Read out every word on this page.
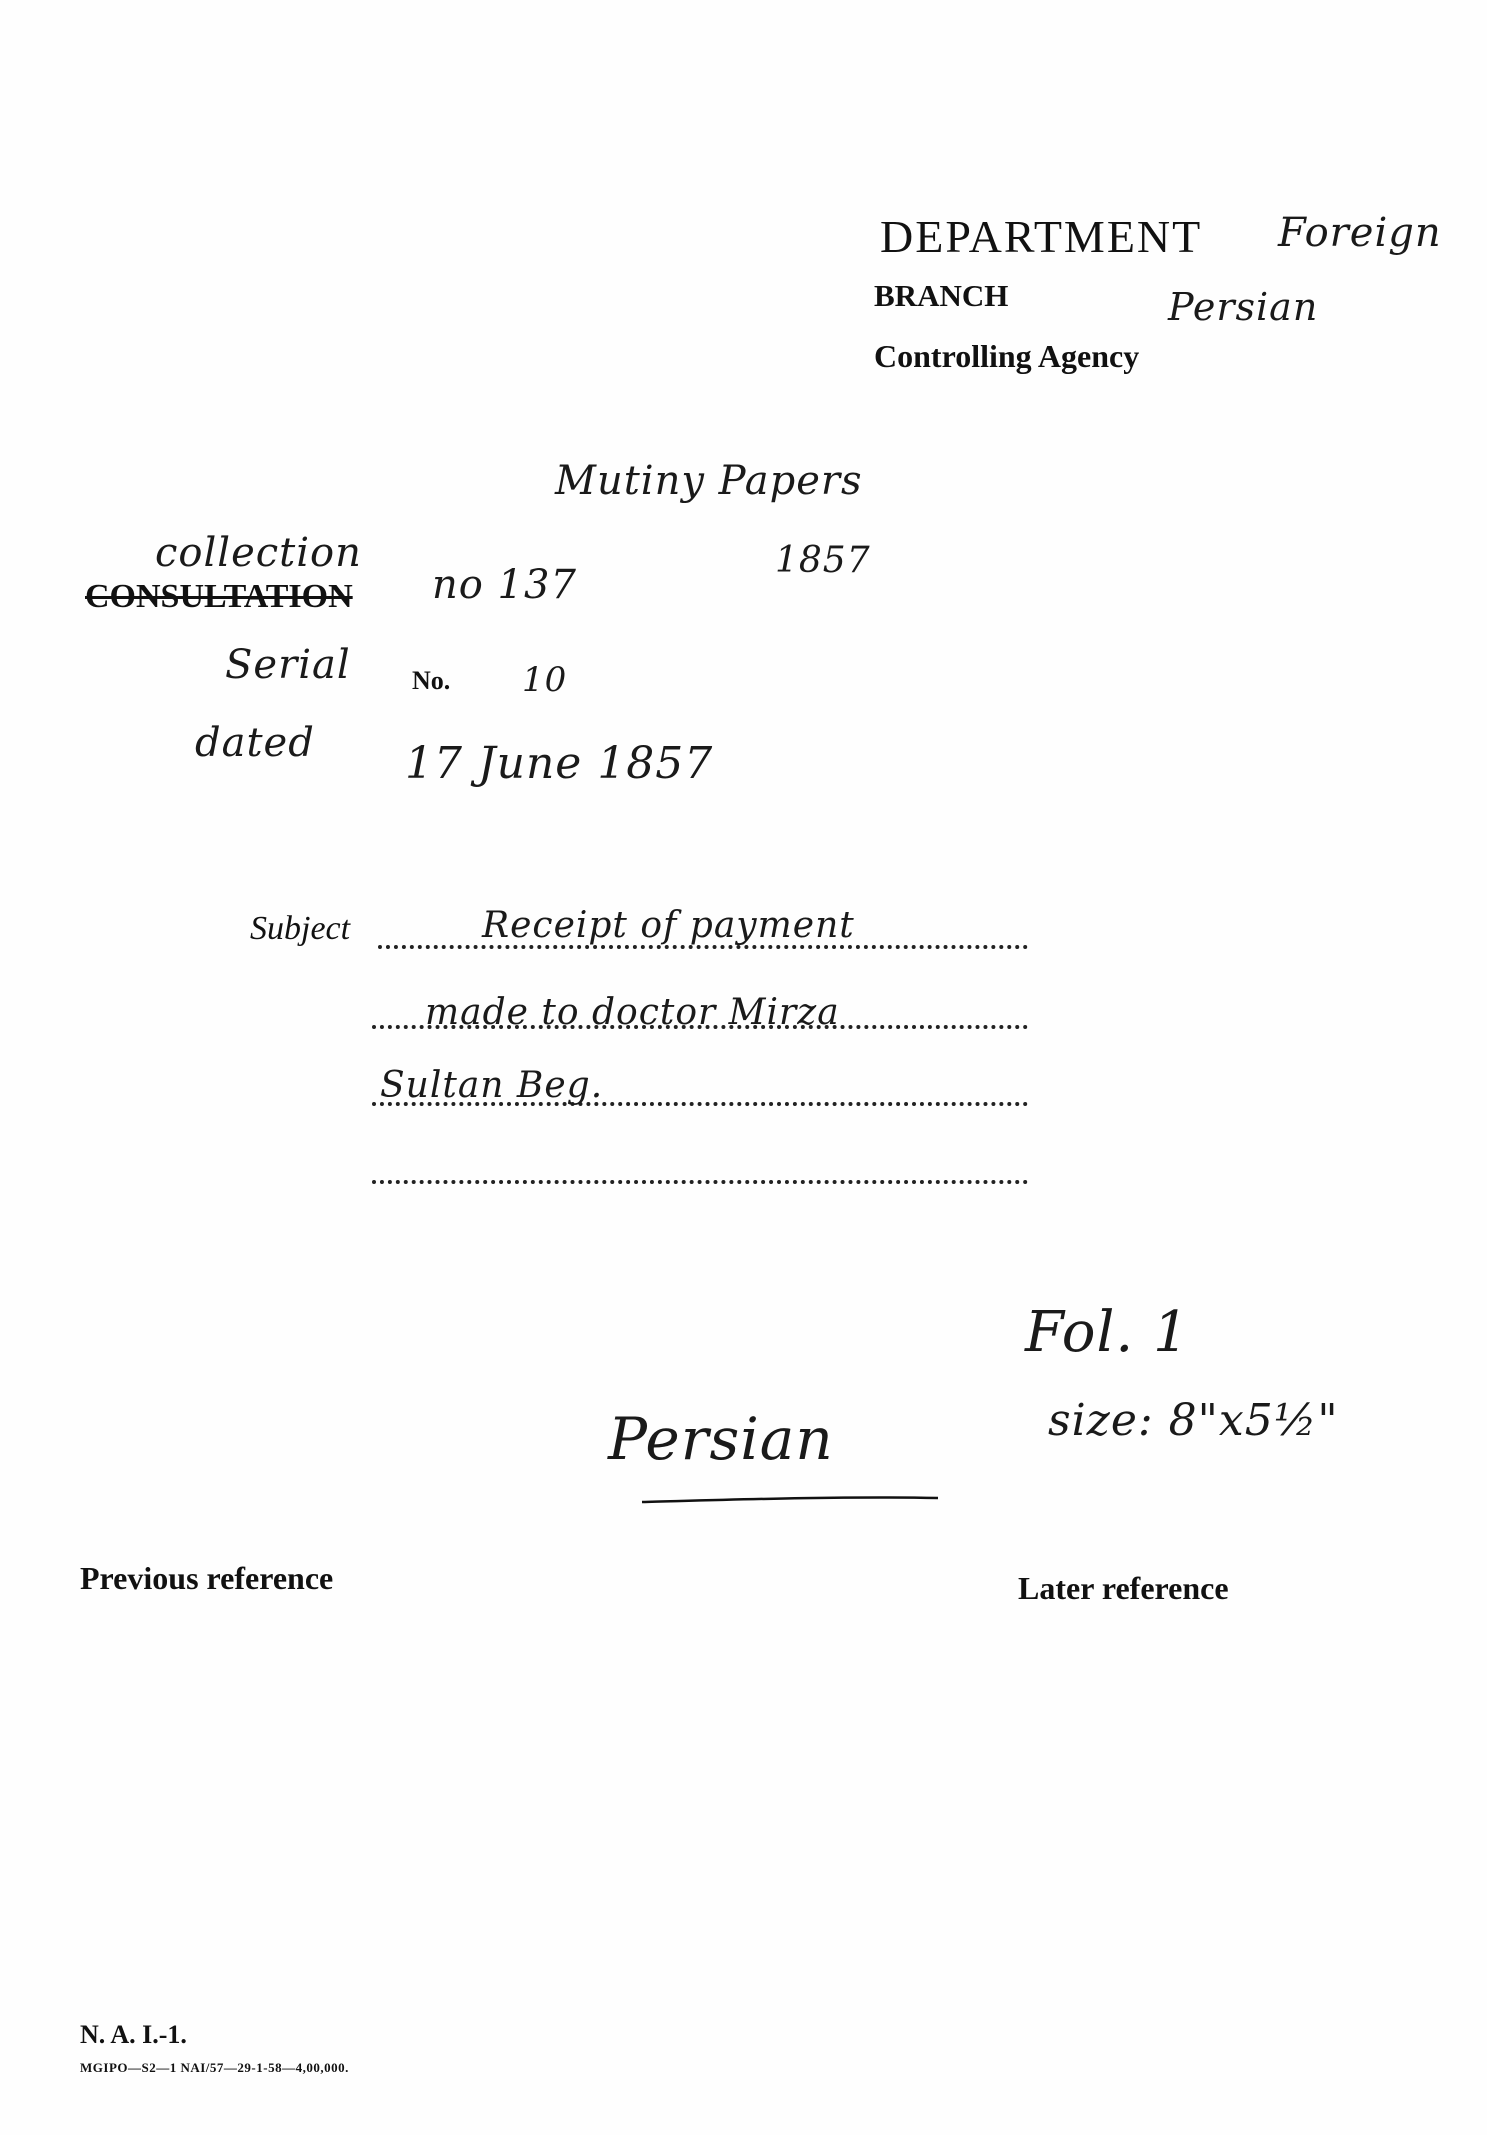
DEPARTMENT Foreign
BRANCH	Persian
Controlling Agency
Mutiny Papers
1857
collection
CONSULTATION no 137
Serial No. 10
dated 17 June 1857
Subject	Receipt of payment
made to doctor Mirza
Sultan Beg.
Fol. 1
size: 8"x5½"
Persian
Previous reference	Later reference
N. A. I.-1.
MGIPO—S2—1 NAI/57—29-1-58—4,00,000.
